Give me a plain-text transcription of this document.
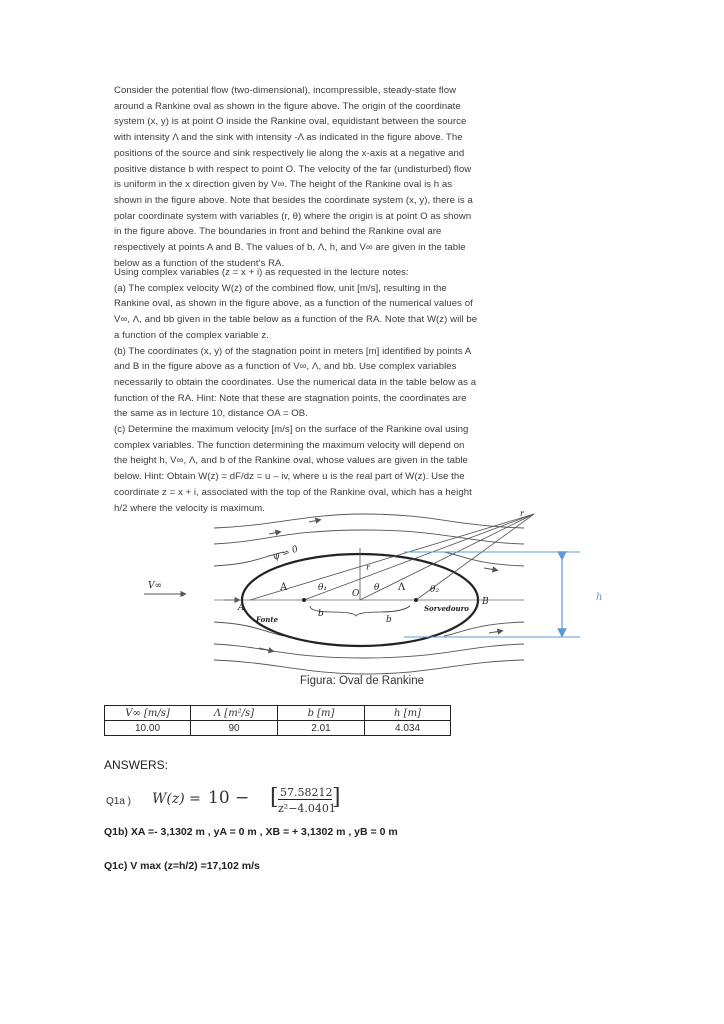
Consider the potential flow (two-dimensional), incompressible, steady-state flow
around a Rankine oval as shown in the figure above. The origin of the coordinate
system (x, y) is at point O inside the Rankine oval, equidistant between the source
with intensity Λ and the sink with intensity -Λ as indicated in the figure above. The
positions of the source and sink respectively lie along the x-axis at a negative and
positive distance b with respect to point O. The velocity of the far (undisturbed) flow
is uniform in the x direction given by V∞. The height of the Rankine oval is h as
shown in the figure above. Note that besides the coordinate system (x, y), there is a
polar coordinate system with variables (r, θ) where the origin is at point O as shown
in the figure above. The boundaries in front and behind the Rankine oval are
respectively at points A and B. The values of b, Λ, h, and V∞ are given in the table
below as a function of the student's RA.
Using complex variables (z = x + i) as requested in the lecture notes:
(a) The complex velocity W(z) of the combined flow, unit [m/s], resulting in the
Rankine oval, as shown in the figure above, as a function of the numerical values of
V∞, Λ, and bb given in the table below as a function of the RA. Note that W(z) will be
a function of the complex variable z.
(b) The coordinates (x, y) of the stagnation point in meters [m] identified by points A
and B in the figure above as a function of V∞, Λ, and bb. Use complex variables
necessarily to obtain the coordinates. Use the numerical data in the table below as a
function of the RA. Hint: Note that these are stagnation points, the coordinates are
the same as in lecture 10, distance OA = OB.
(c) Determine the maximum velocity [m/s] on the surface of the Rankine oval using
complex variables. The function determining the maximum velocity will depend on
the height h, V∞, Λ, and b of the Rankine oval, whose values are given in the table
below. Hint: Obtain W(z) = dF/dz = u – iv, where u is the real part of W(z). Use the
coordinate z = x + i, associated with the top of the Rankine oval, which has a height
h/2 where the velocity is maximum.
ψ = 0
V∞	A
A
θ₁
O
θ Λ	θ₂
r
r
b
b
Fonte
Sorvedouro
B	h
Figura: Oval de Rankine
V∞ [m/s]	Λ [m²/s]	b [m]	h [m]
10.00	90	2.01	4.034
ANSWERS:
Q1a ) W(z) = 10 − [ 57.58212
z²−4.0401
]
Q1b) XA =- 3,1302 m , yA = 0 m , XB = + 3,1302 m , yB = 0 m
Q1c) V max (z=h/2) =17,102 m/s
